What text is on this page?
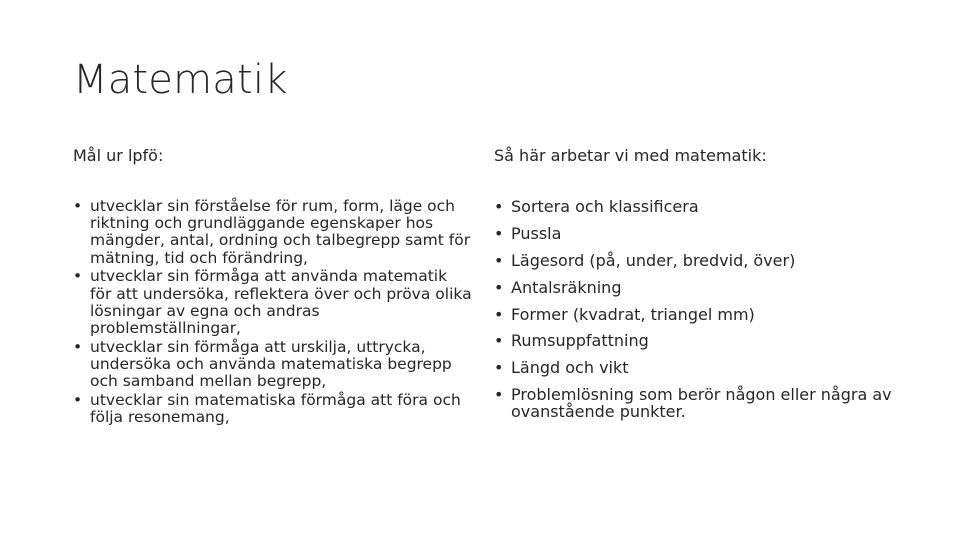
Matematik

Mål ur lpfö:

• utvecklar sin förståelse för rum, form, läge och riktning och grundläggande egenskaper hos mängder, antal, ordning och talbegrepp samt för mätning, tid och förändring,
• utvecklar sin förmåga att använda matematik för att undersöka, reflektera över och pröva olika lösningar av egna och andras problemställningar,
• utvecklar sin förmåga att urskilja, uttrycka, undersöka och använda matematiska begrepp och samband mellan begrepp,
• utvecklar sin matematiska förmåga att föra och följa resonemang,

Så här arbetar vi med matematik:

• Sortera och klassificera
• Pussla
• Lägesord (på, under, bredvid, över)
• Antalsräkning
• Former (kvadrat, triangel mm)
• Rumsuppfattning
• Längd och vikt
• Problemlösning som berör någon eller några av ovanstående punkter.
